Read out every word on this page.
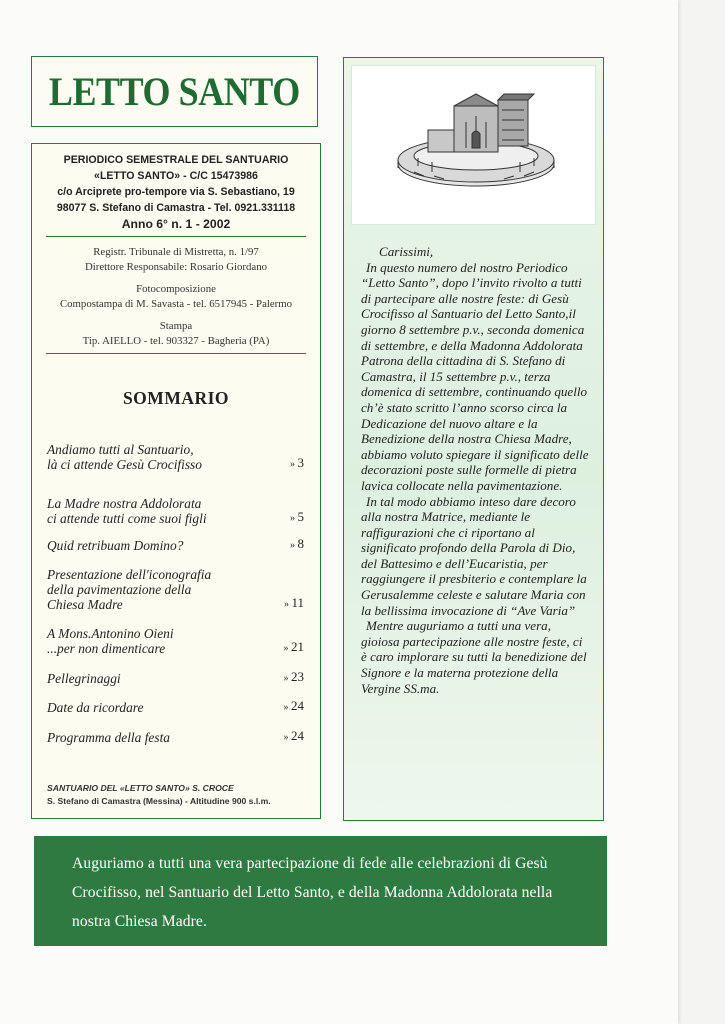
LETTO SANTO
PERIODICO SEMESTRALE DEL SANTUARIO
«LETTO SANTO» - C/C 15473986
c/o Arciprete pro-tempore via S. Sebastiano, 19
98077 S. Stefano di Camastra - Tel. 0921.331118
Anno 6° n. 1 - 2002
Registr. Tribunale di Mistretta, n. 1/97
Direttore Responsabile: Rosario Giordano
Fotocomposizione
Compostampa di M. Savasta - tel. 6517945 - Palermo
Stampa
Tip. AIELLO - tel. 903327 - Bagheria (PA)
SOMMARIO
Andiamo tutti al Santuario,
là ci attende Gesù Crocifisso	» 3
La Madre nostra Addolorata
ci attende tutti come suoi figli	» 5
Quid retribuam Domino?	» 8
Presentazione dell'iconografia
della pavimentazione della
Chiesa Madre	» 11
A Mons.Antonino Oieni
...per non dimenticare	» 21
Pellegrinaggi	» 23
Date da ricordare	» 24
Programma della festa	» 24
SANTUARIO DEL «LETTO SANTO» S. CROCE
S. Stefano di Camastra (Messina) - Altitudine 900 s.l.m.

Carissimi,

In questo numero del nostro Periodico “Letto Santo”, dopo l’invito rivolto a tutti di partecipare alle nostre feste: di Gesù Crocifisso al Santuario del Letto Santo,il giorno 8 settembre p.v., seconda domenica di settembre, e della Madonna Addolorata Patrona della cittadina di S. Stefano di Camastra, il 15 settembre p.v., terza domenica di settembre, continuando quello ch’è stato scritto l’anno scorso circa la Dedicazione del nuovo altare e la Benedizione della nostra Chiesa Madre, abbiamo voluto spiegare il significato delle decorazioni poste sulle formelle di pietra lavica collocate nella pavimentazione.

In tal modo abbiamo inteso dare decoro alla nostra Matrice, mediante le raffigurazioni che ci riportano al significato profondo della Parola di Dio, del Battesimo e dell’Eucaristia, per raggiungere il presbiterio e contemplare la Gerusalemme celeste e salutare Maria con la bellissima invocazione di “Ave Varia”

Mentre auguriamo a tutti una vera, gioiosa partecipazione alle nostre feste, ci è caro implorare su tutti la benedizione del Signore e la materna protezione della Vergine SS.ma.

Auguriamo a tutti una vera partecipazione di fede alle celebrazioni di Gesù Crocifisso, nel Santuario del Letto Santo, e della Madonna Addolorata nella nostra Chiesa Madre.
